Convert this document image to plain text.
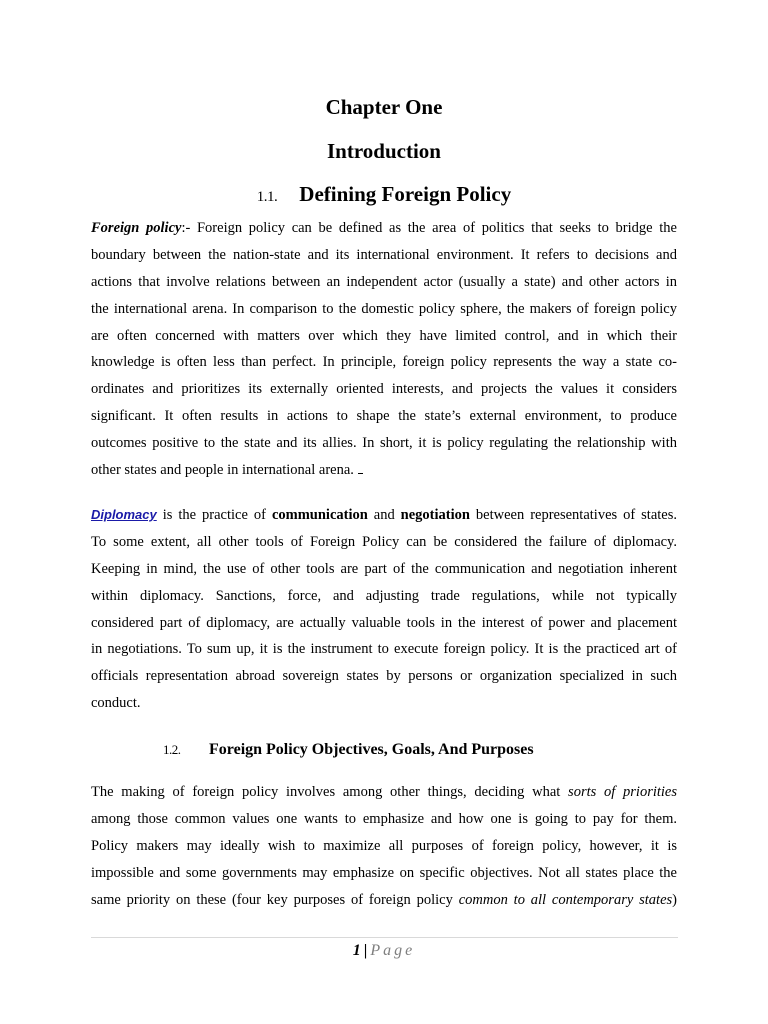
Chapter One
Introduction
1.1. Defining Foreign Policy
Foreign policy:- Foreign policy can be defined as the area of politics that seeks to bridge the
boundary between the nation-state and its international environment. It refers to decisions and
actions that involve relations between an independent actor (usually a state) and other actors in
the international arena. In comparison to the domestic policy sphere, the makers of foreign policy
are often concerned with matters over which they have limited control, and in which their
knowledge is often less than perfect. In principle, foreign policy represents the way a state co-
ordinates and prioritizes its externally oriented interests, and projects the values it considers
significant. It often results in actions to shape the state’s external environment, to produce
outcomes positive to the state and its allies. In short, it is policy regulating the relationship with
other states and people in international arena.
Diplomacy is the practice of communication and negotiation between representatives of states.
To some extent, all other tools of Foreign Policy can be considered the failure of diplomacy.
Keeping in mind, the use of other tools are part of the communication and negotiation inherent
within diplomacy. Sanctions, force, and adjusting trade regulations, while not typically
considered part of diplomacy, are actually valuable tools in the interest of power and placement
in negotiations. To sum up, it is the instrument to execute foreign policy. It is the practiced art of
officials representation abroad sovereign states by persons or organization specialized in such
conduct.
1.2. Foreign Policy Objectives, Goals, And Purposes
The making of foreign policy involves among other things, deciding what sorts of priorities
among those common values one wants to emphasize and how one is going to pay for them.
Policy makers may ideally wish to maximize all purposes of foreign policy, however, it is
impossible and some governments may emphasize on specific objectives. Not all states place the
same priority on these (four key purposes of foreign policy common to all contemporary states)
1 | Page
